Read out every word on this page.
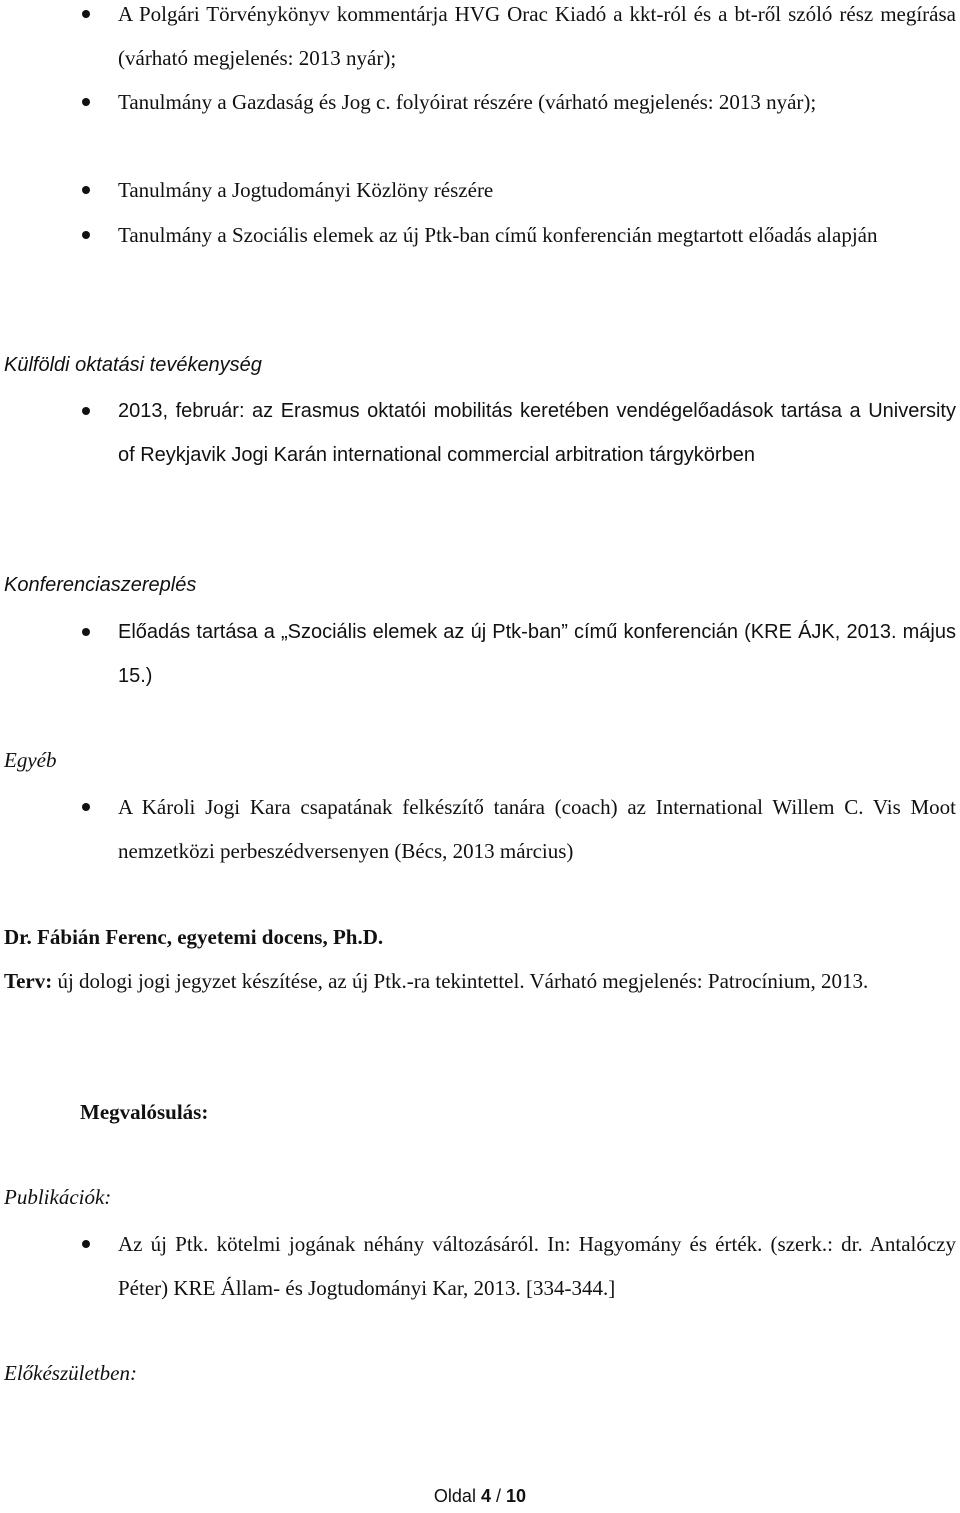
A Polgári Törvénykönyv kommentárja HVG Orac Kiadó a kkt-ról és a bt-ről szóló rész megírása (várható megjelenés: 2013 nyár);
Tanulmány a Gazdaság és Jog c. folyóirat részére (várható megjelenés: 2013 nyár);
Tanulmány a Jogtudományi Közlöny részére
Tanulmány a Szociális elemek az új Ptk-ban című konferencián megtartott előadás alapján
Külföldi oktatási tevékenység
2013, február: az Erasmus oktatói mobilitás keretében vendégelőadások tartása a University of Reykjavik Jogi Karán international commercial arbitration tárgykörben
Konferenciaszereplés
Előadás tartása a „Szociális elemek az új Ptk-ban” című konferencián (KRE ÁJK, 2013. május 15.)
Egyéb
A Károli Jogi Kara csapatának felkészítő tanára (coach) az International Willem C. Vis Moot nemzetközi perbeszédversenyen (Bécs, 2013 március)
Dr. Fábián Ferenc, egyetemi docens, Ph.D.
Terv: új dologi jogi jegyzet készítése, az új Ptk.-ra tekintettel. Várható megjelenés: Patrocínium, 2013.
Megvalósulás:
Publikációk:
Az új Ptk. kötelmi jogának néhány változásáról. In: Hagyomány és érték. (szerk.: dr. Antalóczy Péter) KRE Állam- és Jogtudományi Kar, 2013. [334-344.]
Előkészületben:
Oldal 4 / 10
